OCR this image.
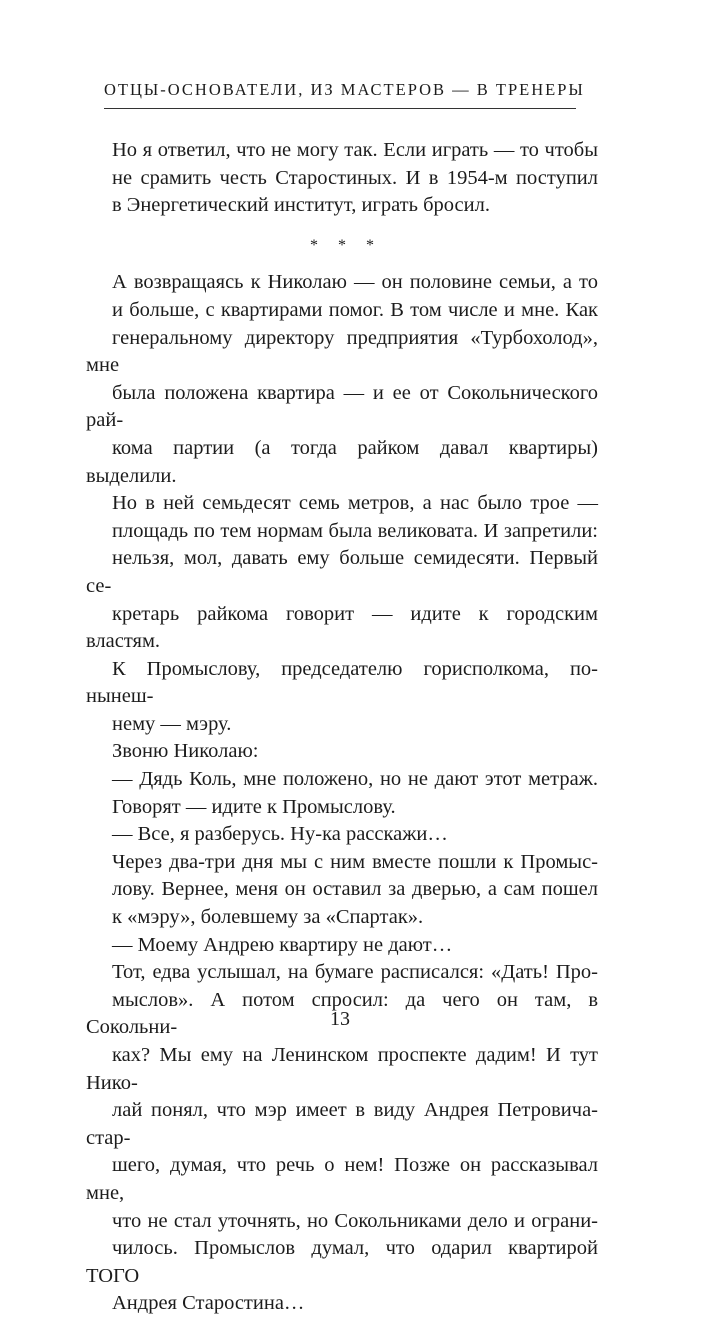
ОТЦЫ-ОСНОВАТЕЛИ, ИЗ МАСТЕРОВ — В ТРЕНЕРЫ

Но я ответил, что не могу так. Если играть — то чтобы
не срамить честь Старостиных. И в 1954-м поступил
в Энергетический институт, играть бросил.

* * *

А возвращаясь к Николаю — он половине семьи, а то
и больше, с квартирами помог. В том числе и мне. Как
генеральному директору предприятия «Турбохолод», мне
была положена квартира — и ее от Сокольнического рай-
кома партии (а тогда райком давал квартиры) выделили.

Но в ней семьдесят семь метров, а нас было трое —
площадь по тем нормам была великовата. И запретили:
нельзя, мол, давать ему больше семидесяти. Первый се-
кретарь райкома говорит — идите к городским властям.
К Промыслову, председателю горисполкома, по-нынеш-
нему — мэру.

Звоню Николаю:

— Дядь Коль, мне положено, но не дают этот метраж.
Говорят — идите к Промыслову.

— Все, я разберусь. Ну-ка расскажи…

Через два-три дня мы с ним вместе пошли к Промыс-
лову. Вернее, меня он оставил за дверью, а сам пошел
к «мэру», болевшему за «Спартак».

— Моему Андрею квартиру не дают…

Тот, едва услышал, на бумаге расписался: «Дать! Про-
мыслов». А потом спросил: да чего он там, в Сокольни-
ках? Мы ему на Ленинском проспекте дадим! И тут Нико-
лай понял, что мэр имеет в виду Андрея Петровича-стар-
шего, думая, что речь о нем! Позже он рассказывал мне,
что не стал уточнять, но Сокольниками дело и ограни-
чилось. Промыслов думал, что одарил квартирой ТОГО
Андрея Старостина…

13
